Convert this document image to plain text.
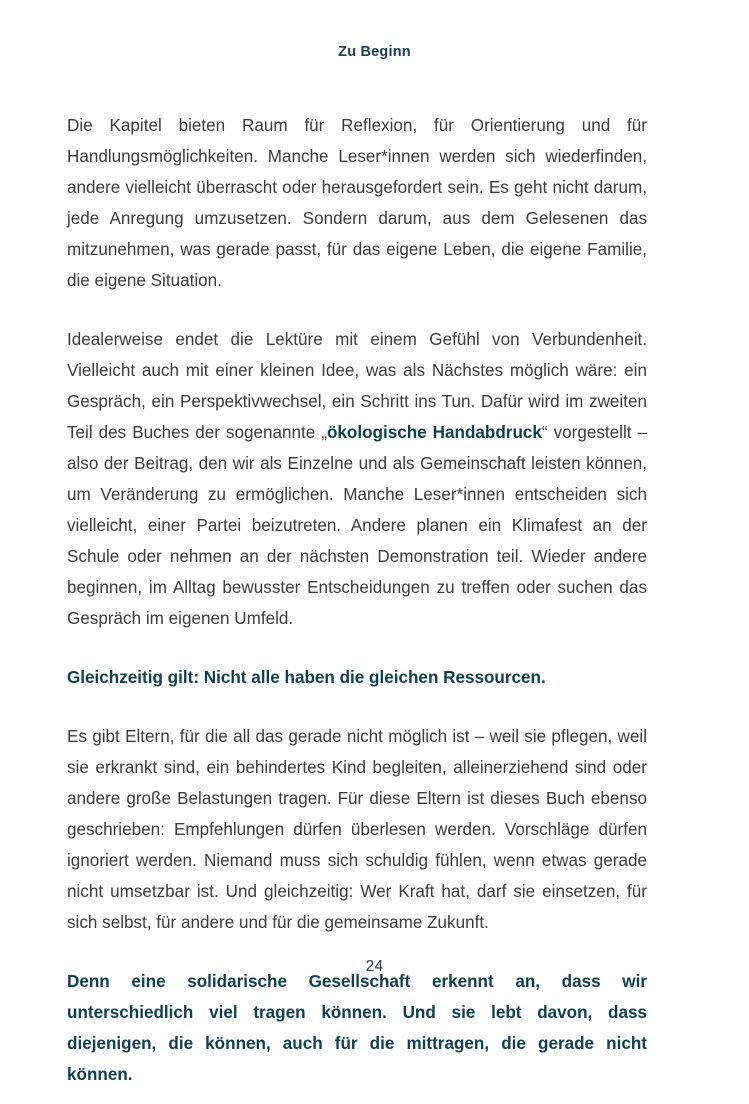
Zu Beginn

Die Kapitel bieten Raum für Reflexion, für Orientierung und für Handlungsmöglichkeiten. Manche Leser*innen werden sich wiederfinden, andere vielleicht überrascht oder herausgefordert sein. Es geht nicht darum, jede Anregung umzusetzen. Sondern darum, aus dem Gelesenen das mitzunehmen, was gerade passt, für das eigene Leben, die eigene Familie, die eigene Situation.

Idealerweise endet die Lektüre mit einem Gefühl von Verbundenheit. Vielleicht auch mit einer kleinen Idee, was als Nächstes möglich wäre: ein Gespräch, ein Perspektivwechsel, ein Schritt ins Tun. Dafür wird im zweiten Teil des Buches der sogenannte „ökologische Handabdruck“ vorgestellt – also der Beitrag, den wir als Einzelne und als Gemeinschaft leisten können, um Veränderung zu ermöglichen. Manche Leser*innen entscheiden sich vielleicht, einer Partei beizutreten. Andere planen ein Klimafest an der Schule oder nehmen an der nächsten Demonstration teil. Wieder andere beginnen, im Alltag bewusster Entscheidungen zu treffen oder suchen das Gespräch im eigenen Umfeld.

Gleichzeitig gilt: Nicht alle haben die gleichen Ressourcen.

Es gibt Eltern, für die all das gerade nicht möglich ist – weil sie pflegen, weil sie erkrankt sind, ein behindertes Kind begleiten, alleinerziehend sind oder andere große Belastungen tragen. Für diese Eltern ist dieses Buch ebenso geschrieben: Empfehlungen dürfen überlesen werden. Vorschläge dürfen ignoriert werden. Niemand muss sich schuldig fühlen, wenn etwas gerade nicht umsetzbar ist. Und gleichzeitig: Wer Kraft hat, darf sie einsetzen, für sich selbst, für andere und für die gemeinsame Zukunft.

Denn eine solidarische Gesellschaft erkennt an, dass wir unterschiedlich viel tragen können. Und sie lebt davon, dass diejenigen, die können, auch für die mittragen, die gerade nicht können.

24
